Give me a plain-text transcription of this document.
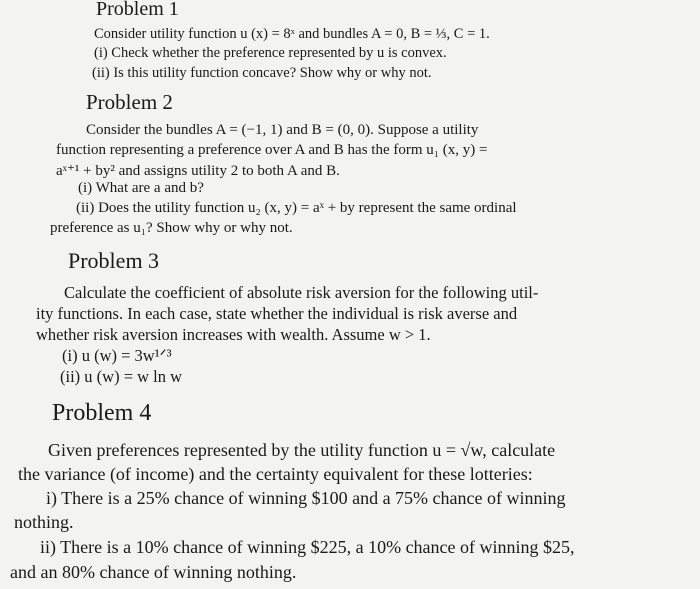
Problem 1

Consider utility function u (x) = 8ˣ and bundles A = 0, B = ⅓, C = 1.

(i) Check whether the preference represented by u is convex.

(ii) Is this utility function concave? Show why or why not.

Problem 2

Consider the bundles A = (−1, 1) and B = (0, 0). Suppose a utility

function representing a preference over A and B has the form u₁ (x, y) =

aˣ⁺¹ + by² and assigns utility 2 to both A and B.

(i) What are a and b?

(ii) Does the utility function u₂ (x, y) = aˣ + by represent the same ordinal

preference as u₁? Show why or why not.

Problem 3

Calculate the coefficient of absolute risk aversion for the following util-

ity functions. In each case, state whether the individual is risk averse and

whether risk aversion increases with wealth. Assume w > 1.

(i) u (w) = 3w¹ᐟ³

(ii) u (w) = w ln w

Problem 4

Given preferences represented by the utility function u = √w, calculate

the variance (of income) and the certainty equivalent for these lotteries:

i) There is a 25% chance of winning $100 and a 75% chance of winning

nothing.

ii) There is a 10% chance of winning $225, a 10% chance of winning $25,

and an 80% chance of winning nothing.
